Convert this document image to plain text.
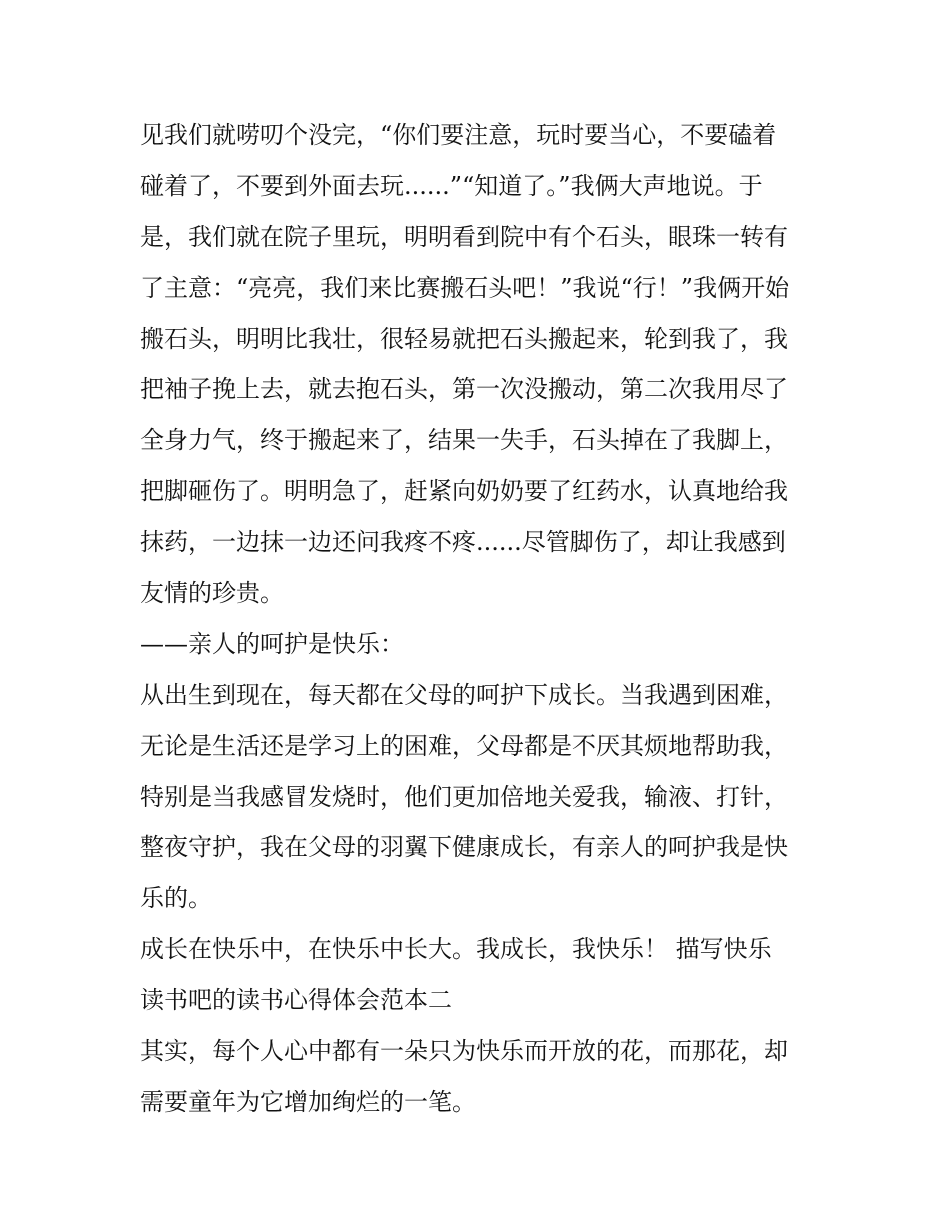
见我们就唠叨个没完，“你们要注意，玩时要当心，不要磕着
碰着了，不要到外面去玩......”“知道了。”我俩大声地说。于
是，我们就在院子里玩，明明看到院中有个石头，眼珠一转有
了主意：“亮亮，我们来比赛搬石头吧！”我说“行！”我俩开始
搬石头，明明比我壮，很轻易就把石头搬起来，轮到我了，我
把袖子挽上去，就去抱石头，第一次没搬动，第二次我用尽了
全身力气，终于搬起来了，结果一失手，石头掉在了我脚上，
把脚砸伤了。明明急了，赶紧向奶奶要了红药水，认真地给我
抹药，一边抹一边还问我疼不疼......尽管脚伤了，却让我感到
友情的珍贵。
——亲人的呵护是快乐：
从出生到现在，每天都在父母的呵护下成长。当我遇到困难，
无论是生活还是学习上的困难，父母都是不厌其烦地帮助我，
特别是当我感冒发烧时，他们更加倍地关爱我，输液、打针，
整夜守护，我在父母的羽翼下健康成长，有亲人的呵护我是快
乐的。
成长在快乐中，在快乐中长大。我成长，我快乐！ 描写快乐
读书吧的读书心得体会范本二
其实，每个人心中都有一朵只为快乐而开放的花，而那花，却
需要童年为它增加绚烂的一笔。
